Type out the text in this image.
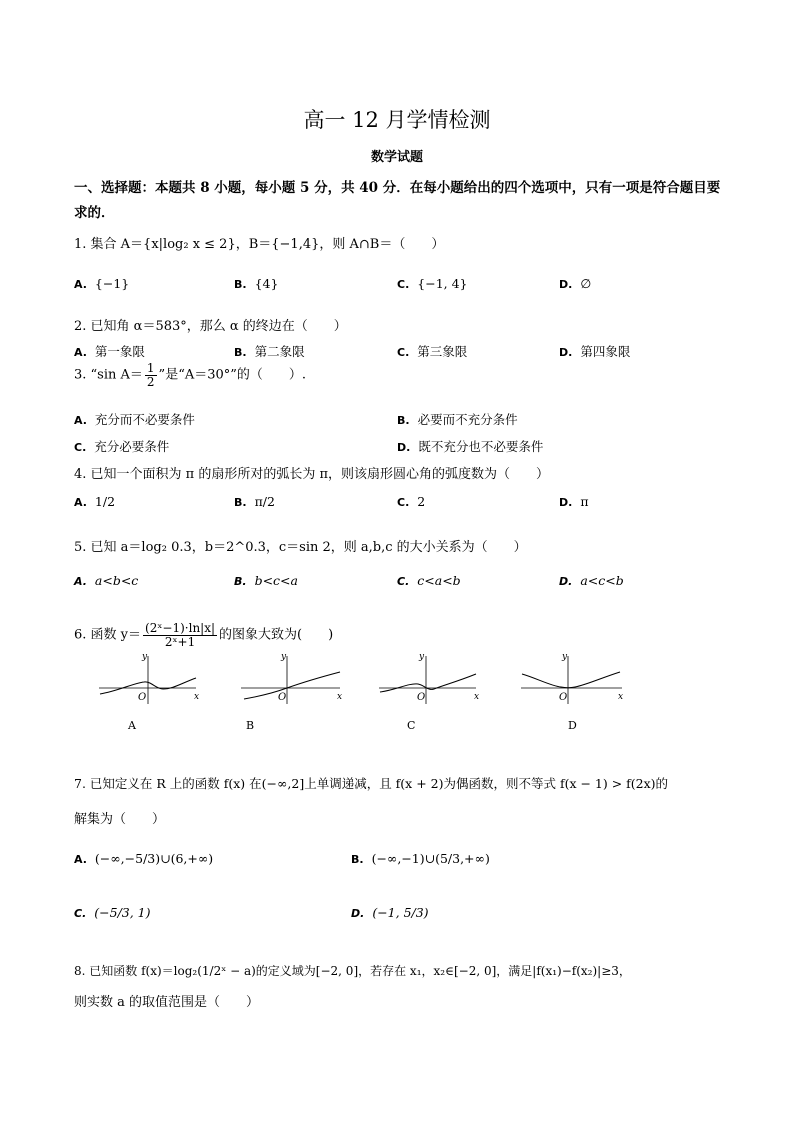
高一 12 月学情检测
数学试题
一、选择题：本题共 8 小题，每小题 5 分，共 40 分．在每小题给出的四个选项中，只有一项是符合题目要求的．
1. 集合 A＝{x|log₂ x ≤ 2}，B＝{−1,4}，则 A∩B＝（　　）
A. {−1}	B. {4}	C. {−1, 4}	D. ∅
2. 已知角 α＝583°，那么 α 的终边在（　　）
A. 第一象限	B. 第二象限	C. 第三象限	D. 第四象限
3. “sin $A= \frac{1}{2}$ ”是“A＝30°”的（　　）.
A. 充分而不必要条件	B. 必要而不充分条件
C. 充分必要条件	D. 既不充分也不必要条件
4. 已知一个面积为 π 的扇形所对的弧长为 π，则该扇形圆心角的弧度数为（　　）
A. 1/2	B. π/2	C. 2	D. π
5. 已知 a＝log₂ 0.3，b＝2^0.3，c＝sin 2，则 a,b,c 的大小关系为（　　）
A. a<b<c	B. b<c<a	C. c<a<b	D. a<c<b
6. 函数 $y= \frac{\text{(2ˣ−1)·ln|x|}}{\text{2ˣ+1}}$ 的图象大致为(　　)
O	x
y
O	x
y
O	x
y
O	x
y
A	B	C	D
7. 已知定义在 R 上的函数 f(x) 在(−∞,2]上单调递减，且 f(x + 2)为偶函数，则不等式 f(x − 1) > f(2x)的
解集为（　　）
A. (−∞,−5/3)∪(6,+∞)	B. (−∞,−1)∪(5/3,+∞)
C. (−5/3, 1)	D. (−1, 5/3)
8. 已知函数 f(x)＝log₂(1/2ˣ − a)的定义域为[−2, 0]，若存在 x₁，x₂∈[−2, 0]，满足|f(x₁)−f(x₂)|≥3，
则实数 a 的取值范围是（　　）
